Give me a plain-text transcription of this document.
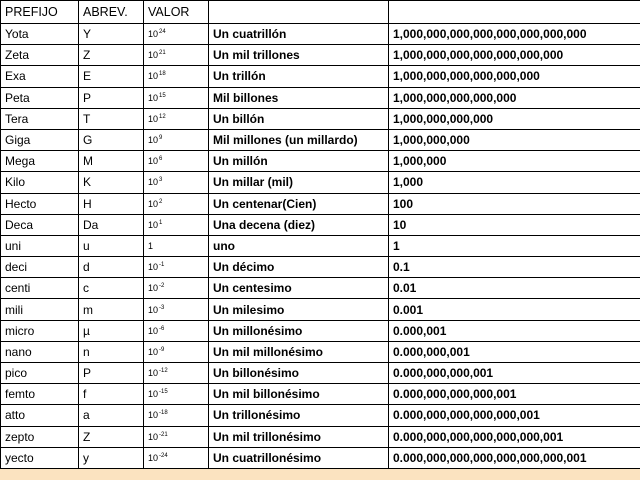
PREFIJO	ABREV.	VALOR		
Yota	Y	$10^{24}$	Un cuatrillón	1,000,000,000,000,000,000,000,000
Zeta	Z	$10^{21}$	Un mil trillones	1,000,000,000,000,000,000,000
Exa	E	$10^{18}$	Un trillón	1,000,000,000,000,000,000
Peta	P	$10^{15}$	Mil billones	1,000,000,000,000,000
Tera	T	$10^{12}$	Un billón	1,000,000,000,000
Giga	G	$10^9$	Mil millones (un millardo)	1,000,000,000
Mega	M	$10^6$	Un millón	1,000,000
Kilo	K	$10^3$	Un millar (mil)	1,000
Hecto	H	$10^2$	Un centenar(Cien)	100
Deca	Da	$10^1$	Una decena (diez)	10
uni	u	1	uno	1
deci	d	$10^{-1}$	Un décimo	0.1
centi	c	$10^{-2}$	Un centesimo	0.01
mili	m	$10^{-3}$	Un milesimo	0.001
micro	µ	$10^{-6}$	Un millonésimo	0.000,001
nano	n	$10^{-9}$	Un mil millonésimo	0.000,000,001
pico	P	$10^{-12}$	Un billonésimo	0.000,000,000,001
femto	f	$10^{-15}$	Un mil billonésimo	0.000,000,000,000,001
atto	a	$10^{-18}$	Un trillonésimo	0.000,000,000,000,000,001
zepto	Z	$10^{-21}$	Un mil trillonésimo	0.000,000,000,000,000,000,001
yecto	y	$10^{-24}$	Un cuatrillonésimo	0.000,000,000,000,000,000,000,001
